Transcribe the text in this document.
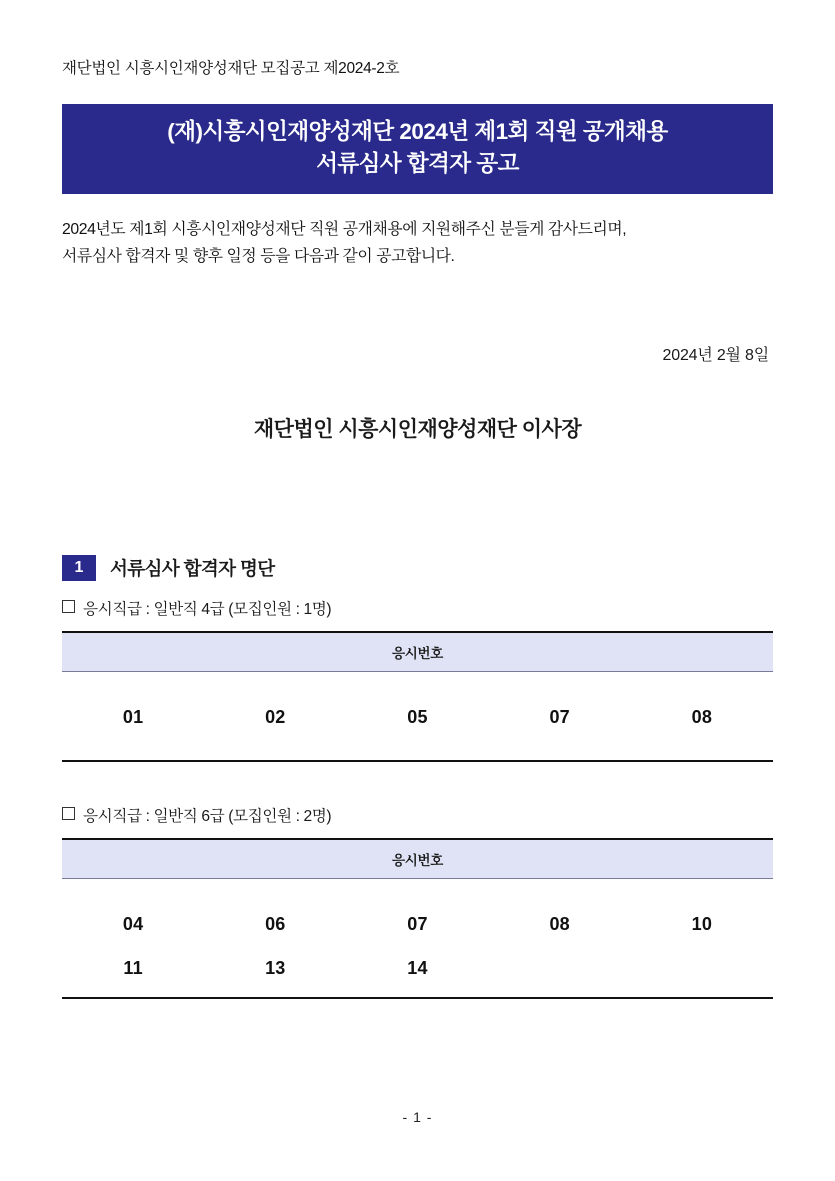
재단법인 시흥시인재양성재단 모집공고 제2024-2호
(재)시흥시인재양성재단 2024년 제1회 직원 공개채용
서류심사 합격자 공고

2024년도 제1회 시흥시인재양성재단 직원 공개채용에 지원해주신 분들게 감사드리며,

서류심사 합격자 및 향후 일정 등을 다음과 같이 공고합니다.

2024년 2월 8일
재단법인 시흥시인재양성재단 이사장
1	서류심사 합격자 명단
응시직급 : 일반직 4급 (모집인원 : 1명)
응시번호
01	02	05	07	08
응시직급 : 일반직 6급 (모집인원 : 2명)
응시번호				
04	06	07	08	10
11	13	14		
- 1 -
